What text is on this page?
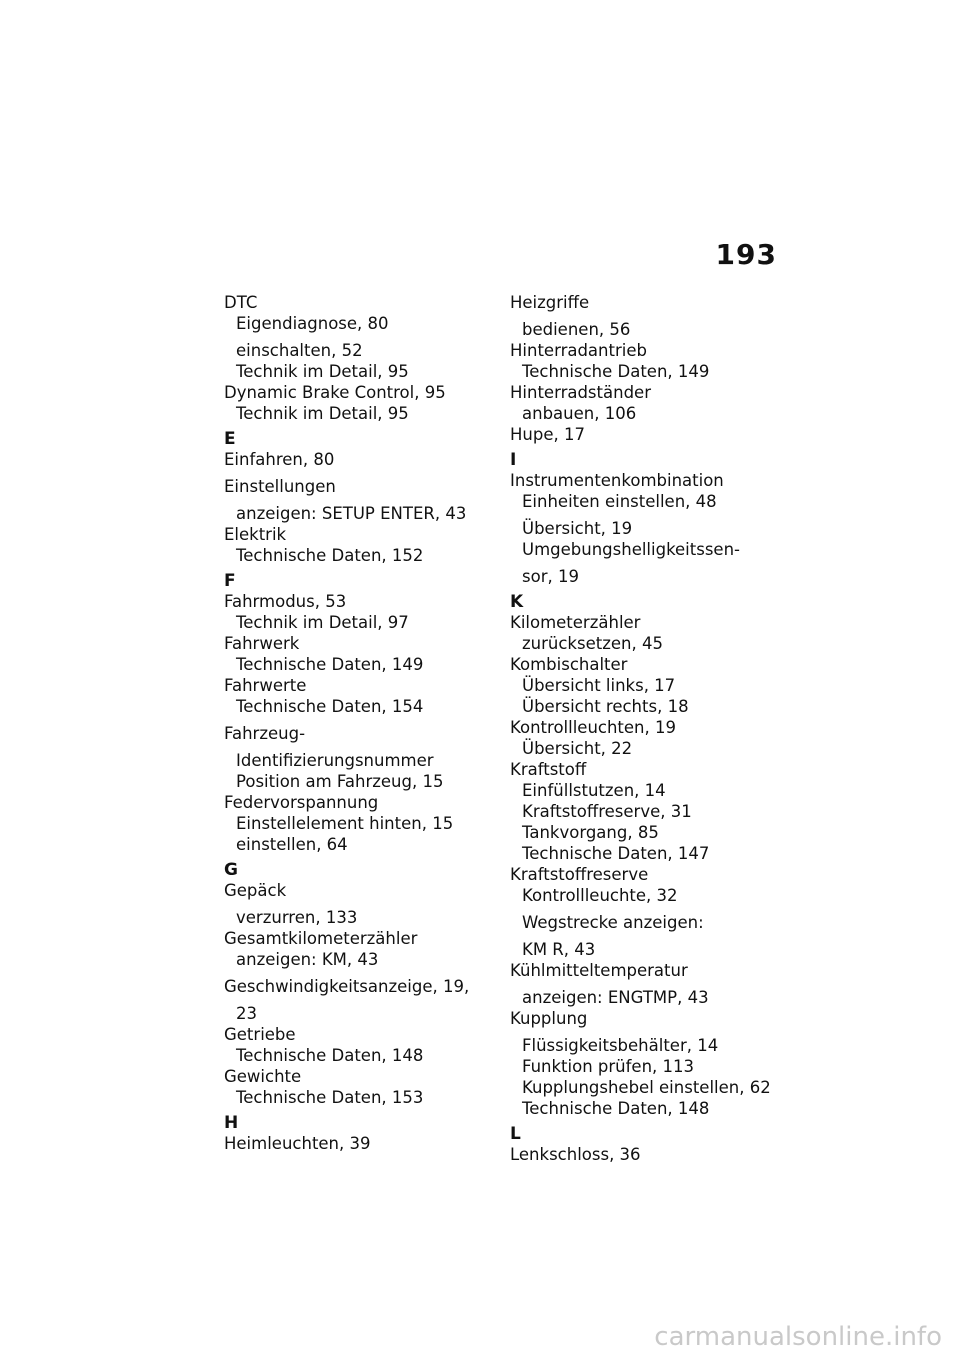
193
DTC
Eigendiagnose, 80
einschalten, 52
Technik im Detail, 95
Dynamic Brake Control, 95
Technik im Detail, 95
E
Einfahren, 80
Einstellungen
anzeigen: SETUP ENTER, 43
Elektrik
Technische Daten, 152
F
Fahrmodus, 53
Technik im Detail, 97
Fahrwerk
Technische Daten, 149
Fahrwerte
Technische Daten, 154
Fahrzeug-
Identifizierungsnummer
Position am Fahrzeug, 15
Federvorspannung
Einstellelement hinten, 15
einstellen, 64
G
Gepäck
verzurren, 133
Gesamtkilometerzähler
anzeigen: KM, 43
Geschwindigkeitsanzeige, 19,
23
Getriebe
Technische Daten, 148
Gewichte
Technische Daten, 153
H
Heimleuchten, 39
Heizgriffe
bedienen, 56
Hinterradantrieb
Technische Daten, 149
Hinterradständer
anbauen, 106
Hupe, 17
I
Instrumentenkombination
Einheiten einstellen, 48
Übersicht, 19
Umgebungshelligkeitssen-
sor, 19
K
Kilometerzähler
zurücksetzen, 45
Kombischalter
Übersicht links, 17
Übersicht rechts, 18
Kontrollleuchten, 19
Übersicht, 22
Kraftstoff
Einfüllstutzen, 14
Kraftstoffreserve, 31
Tankvorgang, 85
Technische Daten, 147
Kraftstoffreserve
Kontrollleuchte, 32
Wegstrecke anzeigen:
KM R, 43
Kühlmitteltemperatur
anzeigen: ENGTMP, 43
Kupplung
Flüssigkeitsbehälter, 14
Funktion prüfen, 113
Kupplungshebel einstellen, 62
Technische Daten, 148
L
Lenkschloss, 36
carmanualsonline.info
